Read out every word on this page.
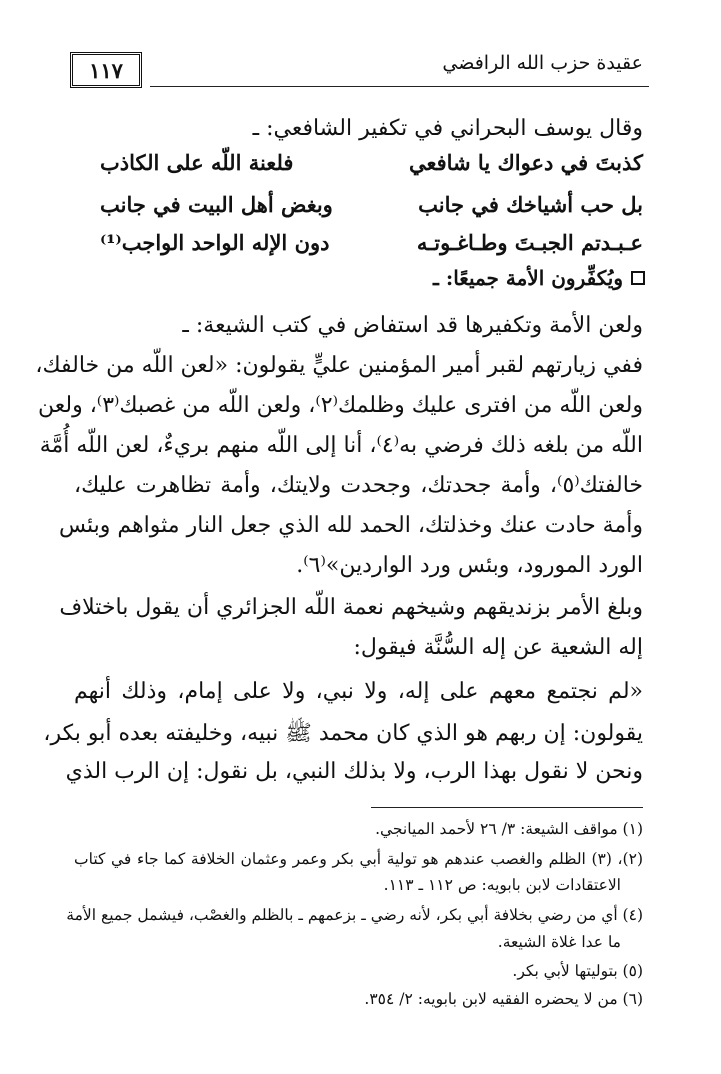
عقيدة حزب الله الرافضي
١١٧
وقال يوسف البحراني في تكفير الشافعي: ـ
كذبتَ في دعواك يا شافعي
فلعنة اللّه على الكاذب
بل حب أشياخك في جانب
وبغض أهل البيت في جانب
عـبـدتم الجبـتَ وطـاغـوتـه
دون الإله الواحد الواجب⁽¹⁾
ويُكفِّرون الأمة جميعًا: ـ
ولعن الأمة وتكفيرها قد استفاض في كتب الشيعة: ـ
ففي زيارتهم لقبر أمير المؤمنين عليٍّ يقولون: «لعن اللّه من خالفك،
ولعن اللّه من افترى عليك وظلمك⁽٢⁾، ولعن اللّه من غصبك⁽٣⁾، ولعن
اللّه من بلغه ذلك فرضي به⁽٤⁾، أنا إلى اللّه منهم بريءٌ، لعن اللّه أُمَّة
خالفتك⁽٥⁾، وأمة جحدتك، وجحدت ولايتك، وأمة تظاهرت عليك،
وأمة حادت عنك وخذلتك، الحمد لله الذي جعل النار مثواهم وبئس
الورد المورود، وبئس ورد الواردين»⁽٦⁾.
وبلغ الأمر بزنديقهم وشيخهم نعمة اللّه الجزائري أن يقول باختلاف
إله الشعية عن إله السُّنَّة فيقول:
«لم نجتمع معهم على إله، ولا نبي، ولا على إمام، وذلك أنهم
يقولون: إن ربهم هو الذي كان محمد ﷺ نبيه، وخليفته بعده أبو بكر،
ونحن لا نقول بهذا الرب، ولا بذلك النبي، بل نقول: إن الرب الذي
(١) مواقف الشيعة: ٣/ ٢٦ لأحمد الميانجي.
(٢)، (٣) الظلم والغصب عندهم هو تولية أبي بكر وعمر وعثمان الخلافة كما جاء في كتاب
الاعتقادات لابن بابويه: ص ١١٢ ـ ١١٣.
(٤) أي من رضي بخلافة أبي بكر، لأنه رضي ـ بزعمهم ـ بالظلم والغصْب، فيشمل جميع الأمة
ما عدا غلاة الشيعة.
(٥) بتوليتها لأبي بكر.
(٦) من لا يحضره الفقيه لابن بابويه: ٢/ ٣٥٤.
